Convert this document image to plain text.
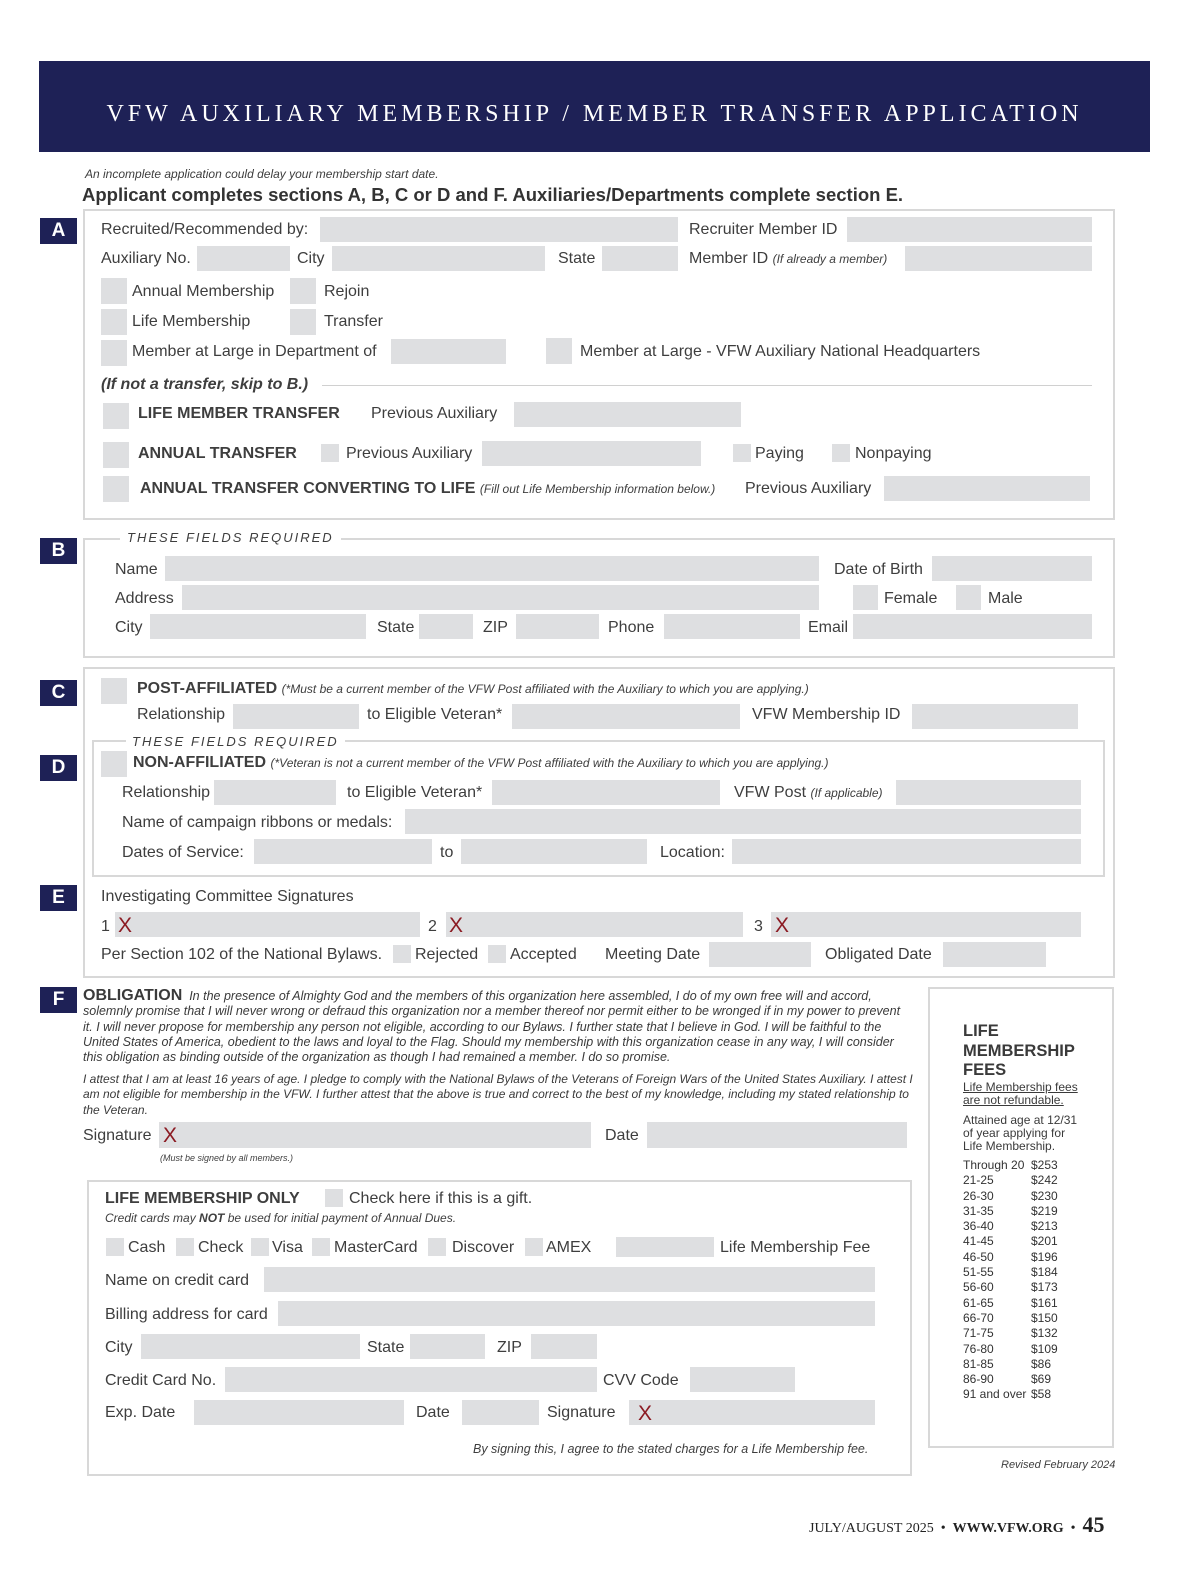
VFW AUXILIARY MEMBERSHIP / MEMBER TRANSFER APPLICATION
An incomplete application could delay your membership start date.
Applicant completes sections A, B, C or D and F. Auxiliaries/Departments complete section E.
A	Recruited/Recommended by:	Recruiter Member ID
Auxiliary No.	City	State	Member ID (If already a member)
Annual Membership	Rejoin
Life Membership	Transfer
Member at Large in Department of	Member at Large - VFW Auxiliary National Headquarters
(If not a transfer, skip to B.)
LIFE MEMBER TRANSFER Previous Auxiliary
ANNUAL TRANSFER	Previous Auxiliary	Paying	Nonpaying
ANNUAL TRANSFER CONVERTING TO LIFE (Fill out Life Membership information below.) Previous Auxiliary
B
THESE FIELDS REQUIRED
Name	Date of Birth
Address	Female	Male
City	State	ZIP	Phone	Email
C	POST-AFFILIATED (*Must be a current member of the VFW Post affiliated with the Auxiliary to which you are applying.)
Relationship	to Eligible Veteran*	VFW Membership ID
THESE FIELDS REQUIRED
D	NON-AFFILIATED (*Veteran is not a current member of the VFW Post affiliated with the Auxiliary to which you are applying.)
Relationship	to Eligible Veteran*	VFW Post (If applicable)
Name of campaign ribbons or medals:
Dates of Service:	to	Location:
E	Investigating Committee Signatures
1 X	2 X	3 X
Per Section 102 of the National Bylaws. Rejected Accepted Meeting Date	Obligated Date
F	OBLIGATION In the presence of Almighty God and the members of this organization here assembled, I do of my own free will and accord, solemnly promise that I will never wrong or defraud this organization nor a member thereof nor permit either to be wronged if in my power to prevent it. I will never propose for membership any person not eligible, according to our Bylaws. I further state that I believe in God. I will be faithful to the United States of America, obedient to the laws and loyal to the Flag. Should my membership with this organization cease in any way, I will consider this obligation as binding outside of the organization as though I had remained a member. I do so promise.
I attest that I am at least 16 years of age. I pledge to comply with the National Bylaws of the Veterans of Foreign Wars of the United States Auxiliary. I attest I am not eligible for membership in the VFW. I further attest that the above is true and correct to the best of my knowledge, including my stated relationship to the Veteran.
Signature X	Date
(Must be signed by all members.)
LIFE MEMBERSHIP ONLY	Check here if this is a gift.
Credit cards may NOT be used for initial payment of Annual Dues.
Cash Check Visa MasterCard Discover AMEX	Life Membership Fee
Name on credit card
Billing address for card
City	State	ZIP
Credit Card No.	CVV Code
Exp. Date	Date	Signature X
By signing this, I agree to the stated charges for a Life Membership fee.
LIFE
MEMBERSHIP
FEES
Life Membership fees
are not refundable.
Attained age at 12/31
of year applying for
Life Membership.
Through 20	$253
21-25	$242
26-30	$230
31-35	$219
36-40	$213
41-45	$201
46-50	$196
51-55	$184
56-60	$173
61-65	$161
66-70	$150
71-75	$132
76-80	$109
81-85	$86
86-90	$69
91 and over	$58
Revised February 2024
JULY/AUGUST 2025 • WWW.VFW.ORG • 45
